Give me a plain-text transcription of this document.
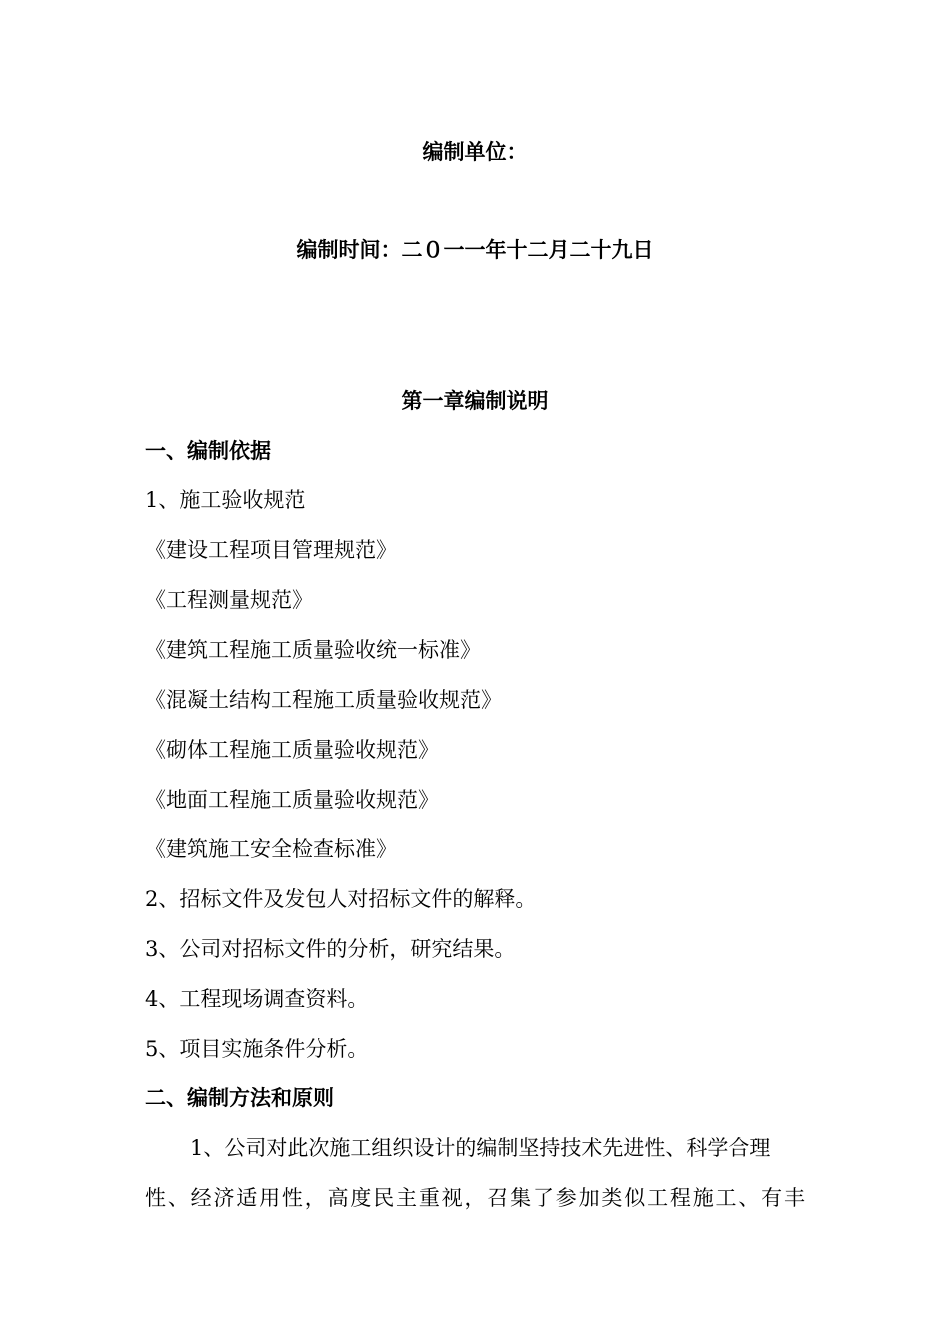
编制单位：
编制时间：二０一一年十二月二十九日
第一章编制说明
一、编制依据
1、施工验收规范
《建设工程项目管理规范》
《工程测量规范》
《建筑工程施工质量验收统一标准》
《混凝土结构工程施工质量验收规范》
《砌体工程施工质量验收规范》
《地面工程施工质量验收规范》
《建筑施工安全检查标准》
2、招标文件及发包人对招标文件的解释。
3、公司对招标文件的分析，研究结果。
4、工程现场调查资料。
5、项目实施条件分析。
二、编制方法和原则
1、公司对此次施工组织设计的编制坚持技术先进性、科学合理
性、经济适用性，高度民主重视，召集了参加类似工程施工、有丰
